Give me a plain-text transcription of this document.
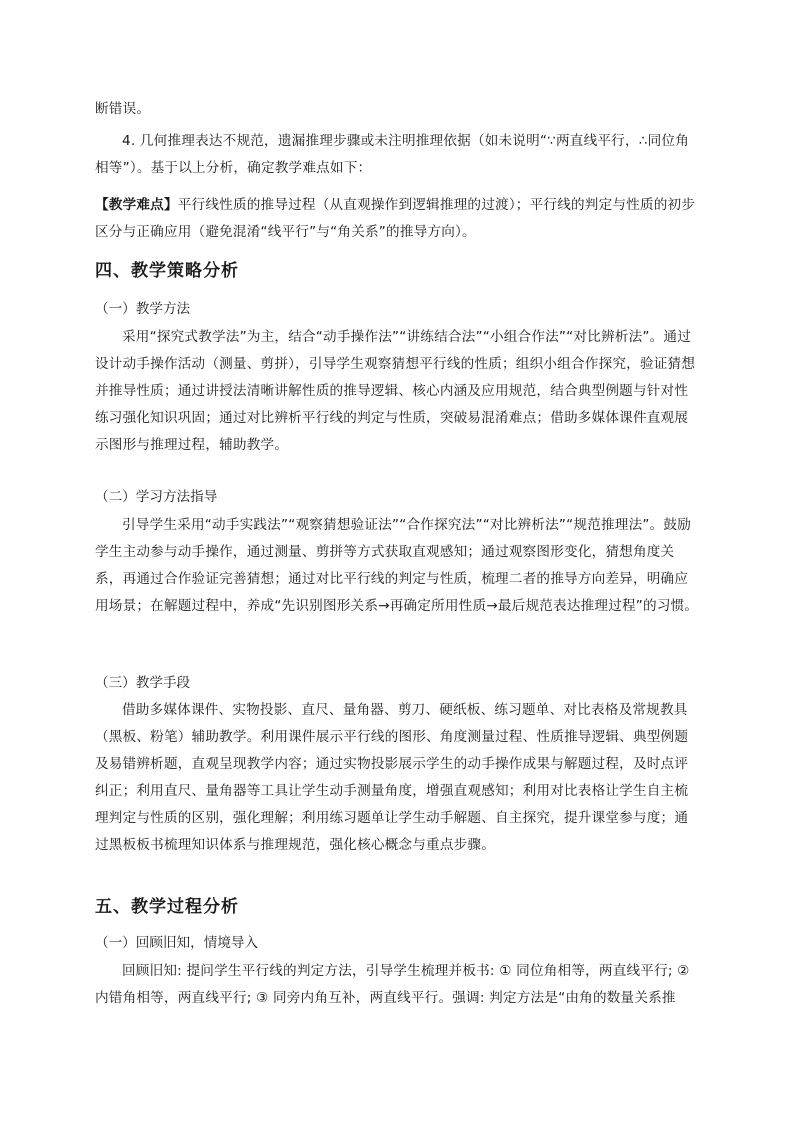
断错误。
4. 几何推理表达不规范，遗漏推理步骤或未注明推理依据（如未说明“∵两直线平行，∴同位角相等”）。基于以上分析，确定教学难点如下：
【教学难点】平行线性质的推导过程（从直观操作到逻辑推理的过渡）；平行线的判定与性质的初步区分与正确应用（避免混淆“线平行”与“角关系”的推导方向）。
四、教学策略分析
（一）教学方法
采用“探究式教学法”为主，结合“动手操作法”“讲练结合法”“小组合作法”“对比辨析法”。通过设计动手操作活动（测量、剪拼），引导学生观察猜想平行线的性质；组织小组合作探究，验证猜想并推导性质；通过讲授法清晰讲解性质的推导逻辑、核心内涵及应用规范，结合典型例题与针对性练习强化知识巩固；通过对比辨析平行线的判定与性质，突破易混淆难点；借助多媒体课件直观展示图形与推理过程，辅助教学。
（二）学习方法指导
引导学生采用“动手实践法”“观察猜想验证法”“合作探究法”“对比辨析法”“规范推理法”。鼓励学生主动参与动手操作，通过测量、剪拼等方式获取直观感知；通过观察图形变化，猜想角度关系，再通过合作验证完善猜想；通过对比平行线的判定与性质，梳理二者的推导方向差异，明确应用场景；在解题过程中，养成“先识别图形关系→再确定所用性质→最后规范表达推理过程”的习惯。
（三）教学手段
借助多媒体课件、实物投影、直尺、量角器、剪刀、硬纸板、练习题单、对比表格及常规教具（黑板、粉笔）辅助教学。利用课件展示平行线的图形、角度测量过程、性质推导逻辑、典型例题及易错辨析题，直观呈现教学内容；通过实物投影展示学生的动手操作成果与解题过程，及时点评纠正；利用直尺、量角器等工具让学生动手测量角度，增强直观感知；利用对比表格让学生自主梳理判定与性质的区别，强化理解；利用练习题单让学生动手解题、自主探究，提升课堂参与度；通过黑板板书梳理知识体系与推理规范，强化核心概念与重点步骤。
五、教学过程分析
（一）回顾旧知，情境导入
回顾旧知: 提问学生平行线的判定方法，引导学生梳理并板书: ① 同位角相等，两直线平行; ② 内错角相等，两直线平行; ③ 同旁内角互补，两直线平行。强调: 判定方法是“由角的数量关系推
